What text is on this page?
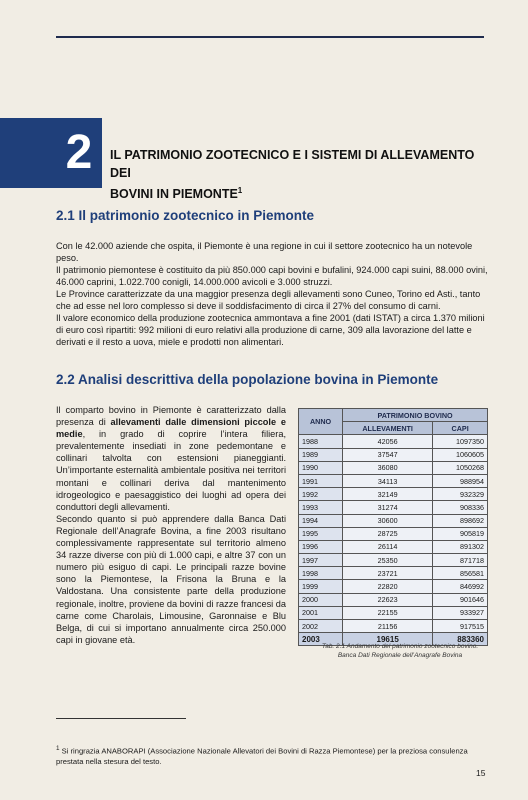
2	IL PATRIMONIO ZOOTECNICO E I SISTEMI DI ALLEVAMENTO DEI
BOVINI IN PIEMONTE$^1$
2.1 Il patrimonio zootecnico in Piemonte

Con le 42.000 aziende che ospita, il Piemonte è una regione in cui il settore zootecnico ha un notevole peso.

Il patrimonio piemontese è costituito da più 850.000 capi bovini e bufalini, 924.000 capi suini, 88.000 ovini, 46.000 caprini, 1.022.700 conigli, 14.000.000 avicoli e 3.000 struzzi.

Le Province caratterizzate da una maggior presenza degli allevamenti sono Cuneo, Torino ed Asti., tanto che ad esse nel loro complesso si deve il soddisfacimento di circa il 27% del consumo di carni.

Il valore economico della produzione zootecnica ammontava a fine 2001 (dati ISTAT) a circa 1.370 milioni di euro così ripartiti: 992 milioni di euro relativi alla produzione di carne, 309 alla lavorazione del latte e derivati e il resto a uova, miele e prodotti non alimentari.

2.2 Analisi descrittiva della popolazione bovina in Piemonte

Il comparto bovino in Piemonte è caratterizzato dalla presenza di allevamenti dalle dimensioni piccole e medie, in grado di coprire l’intera filiera, prevalentemente insediati in zone pedemontane e collinari talvolta con estensioni pianeggianti. Un’importante esternalità ambientale positiva nei territori montani e collinari deriva dal mantenimento idrogeologico e paesaggistico dei luoghi ad opera dei conduttori degli allevamenti.

Secondo quanto si può apprendere dalla Banca Dati Regionale dell’Anagrafe Bovina, a fine 2003 risultano complessivamente rappresentate sul territorio almeno 34 razze diverse con più di 1.000 capi, e altre 37 con un numero più esiguo di capi. Le principali razze bovine sono la Piemontese, la Frisona la Bruna e la Valdostana. Una consistente parte della produzione regionale, inoltre, proviene da bovini di razze francesi da carne come Charolais, Limousine, Garonnaise e Blu Belga, di cui si importano annualmente circa 250.000 capi in giovane età.

ANNO	PATRIMONIO BOVINO	
	ALLEVAMENTI	CAPI
1988	42056	1097350
1989	37547	1060605
1990	36080	1050268
1991	34113	988954
1992	32149	932329
1993	31274	908336
1994	30600	898692
1995	28725	905819
1996	26114	891302
1997	25350	871718
1998	23721	856581
1999	22820	846992
2000	22623	901646
2001	22155	933927
2002	21156	917515
2003	19615	883360
Tab. 2.1 Andamento del patrimonio zootecnico bovino.
Banca Dati Regionale dell’Anagrafe Bovina
$^1$ Si ringrazia ANABORAPI (Associazione Nazionale Allevatori dei Bovini di Razza Piemontese) per la preziosa consulenza prestata nella stesura del testo.
15
